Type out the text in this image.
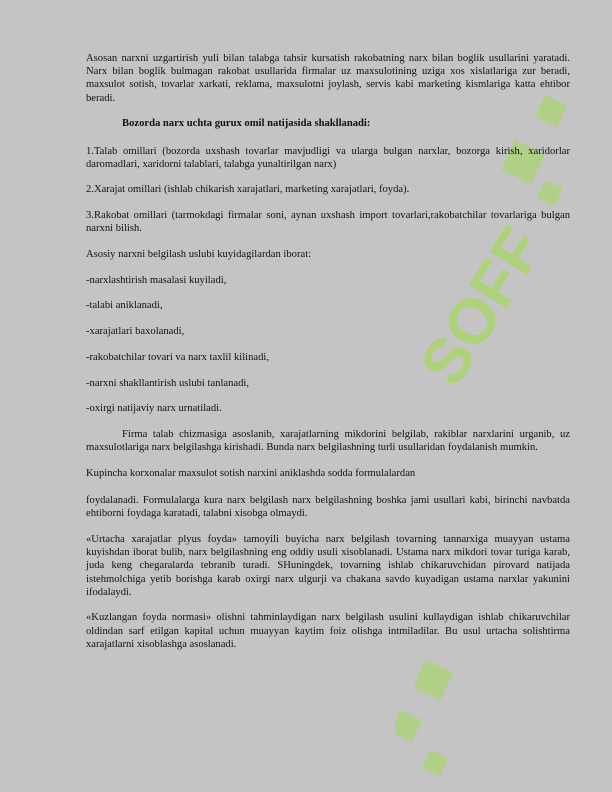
SOFF

Asosan narxni uzgartirish yuli bilan talabga tahsir kursatish rakobatning narx bilan boglik usullarini yaratadi. Narx bilan boglik bulmagan rakobat usullarida firmalar uz maxsulotining uziga xos xislatlariga zur beradi, maxsulot sotish, tovarlar xarkati, reklama, maxsulotni joylash, servis kabi marketing kismlariga katta ehtibor beradi.

Bozorda narx uchta guruх omil natijasida shakllanadi:

1.Talab omillari (bozorda uxshash tovarlar mavjudligi va ularga bulgan narxlar, bozorga kirish, xaridorlar daromadlari, xaridorni talablari, talabga yunaltirilgan narx)

2.Xarajat omillari (ishlab chikarish xarajatlari, marketing xarajatlari, foyda).

3.Rakobat omillari (tarmokdagi firmalar soni, aynan uxshash import tovarlari,rakobatchilar tovarlariga bulgan narxni bilish.

Asosiy narxni belgilash uslubi kuyidagilardan iborat:

-narxlashtirish masalasi kuyiladi,

-talabi aniklanadi,

-xarajatlari baxolanadi,

-rakobatchilar tovari va narx taxlil kilinadi,

-narxni shakllantirish uslubi tanlanadi,

-oxirgi natijaviy narx urnatiladi.

Firma talab chizmasiga asoslanib, xarajatlarning mikdorini belgilab, rakiblar narxlarini urganib, uz maxsulotlariga narx belgilashga kirishadi. Bunda narx belgilashning turli usullaridan foydalanish mumkin.

Kupincha korxonalar maxsulot sotish narxini aniklashda sodda formulalardan

foydalanadi. Formulalarga kura narx belgilash narx belgilashning boshka jami usullari kabi, birinchi navbatda ehtiborni foydaga karatadi, talabni xisobga olmaydi.

«Urtacha xarajatlar plyus foyda» tamoyili buyicha narx belgilash tovarning tannarxiga muayyan ustama kuyishdan iborat bulib, narx belgilashning eng oddiy usuli xisoblanadi. Ustama narx mikdori tovar turiga karab, juda keng chegaralarda tebranib turadi. SHuningdek, tovarning ishlab chikaruvchidan pirovard natijada istehmolchiga yetib borishga karab oxirgi narx ulgurji va chakana savdo kuyadigan ustama narxlar yakunini ifodalaydi.

«Kuzlangan foyda normasi» olishni tahminlaydigan narx belgilash usulini kullaydigan ishlab chikaruvchilar oldindan sarf etilgan kapital uchun muayyan kaytim foiz olishga intmiladilar. Bu usul urtacha solishtirma xarajatlarni xisoblashga asoslanadi.
